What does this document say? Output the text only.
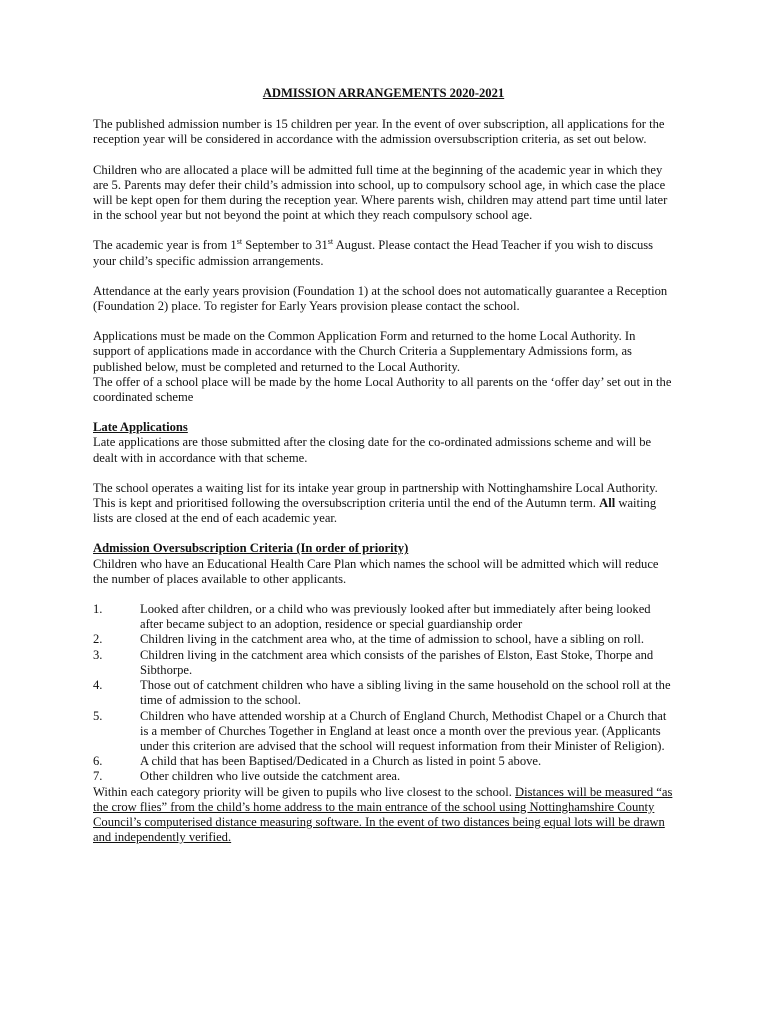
ADMISSION ARRANGEMENTS 2020-2021

The published admission number is 15 children per year. In the event of over subscription, all applications for the reception year will be considered in accordance with the admission oversubscription criteria, as set out below.

Children who are allocated a place will be admitted full time at the beginning of the academic year in which they are 5. Parents may defer their child’s admission into school, up to compulsory school age, in which case the place will be kept open for them during the reception year. Where parents wish, children may attend part time until later in the school year but not beyond the point at which they reach compulsory school age.

The academic year is from 1st September to 31st August. Please contact the Head Teacher if you wish to discuss your child’s specific admission arrangements.

Attendance at the early years provision (Foundation 1) at the school does not automatically guarantee a Reception (Foundation 2) place. To register for Early Years provision please contact the school.

Applications must be made on the Common Application Form and returned to the home Local Authority. In support of applications made in accordance with the Church Criteria a Supplementary Admissions form, as published below, must be completed and returned to the Local Authority.
The offer of a school place will be made by the home Local Authority to all parents on the ‘offer day’ set out in the coordinated scheme

Late Applications
Late applications are those submitted after the closing date for the co-ordinated admissions scheme and will be dealt with in accordance with that scheme.

The school operates a waiting list for its intake year group in partnership with Nottinghamshire Local Authority. This is kept and prioritised following the oversubscription criteria until the end of the Autumn term. All waiting lists are closed at the end of each academic year.

Admission Oversubscription Criteria (In order of priority)
Children who have an Educational Health Care Plan which names the school will be admitted which will reduce the number of places available to other applicants.
1.	Looked after children, or a child who was previously looked after but immediately after being looked after became subject to an adoption, residence or special guardianship order
2.	Children living in the catchment area who, at the time of admission to school, have a sibling on roll.
3.	Children living in the catchment area which consists of the parishes of Elston, East Stoke, Thorpe and Sibthorpe.
4.	Those out of catchment children who have a sibling living in the same household on the school roll at the time of admission to the school.
5.	Children who have attended worship at a Church of England Church, Methodist Chapel or a Church that is a member of Churches Together in England at least once a month over the previous year. (Applicants under this criterion are advised that the school will request information from their Minister of Religion).
6.	A child that has been Baptised/Dedicated in a Church as listed in point 5 above.
7.	Other children who live outside the catchment area.
Within each category priority will be given to pupils who live closest to the school. Distances will be measured “as the crow flies” from the child’s home address to the main entrance of the school using Nottinghamshire County Council’s computerised distance measuring software. In the event of two distances being equal lots will be drawn and independently verified.
